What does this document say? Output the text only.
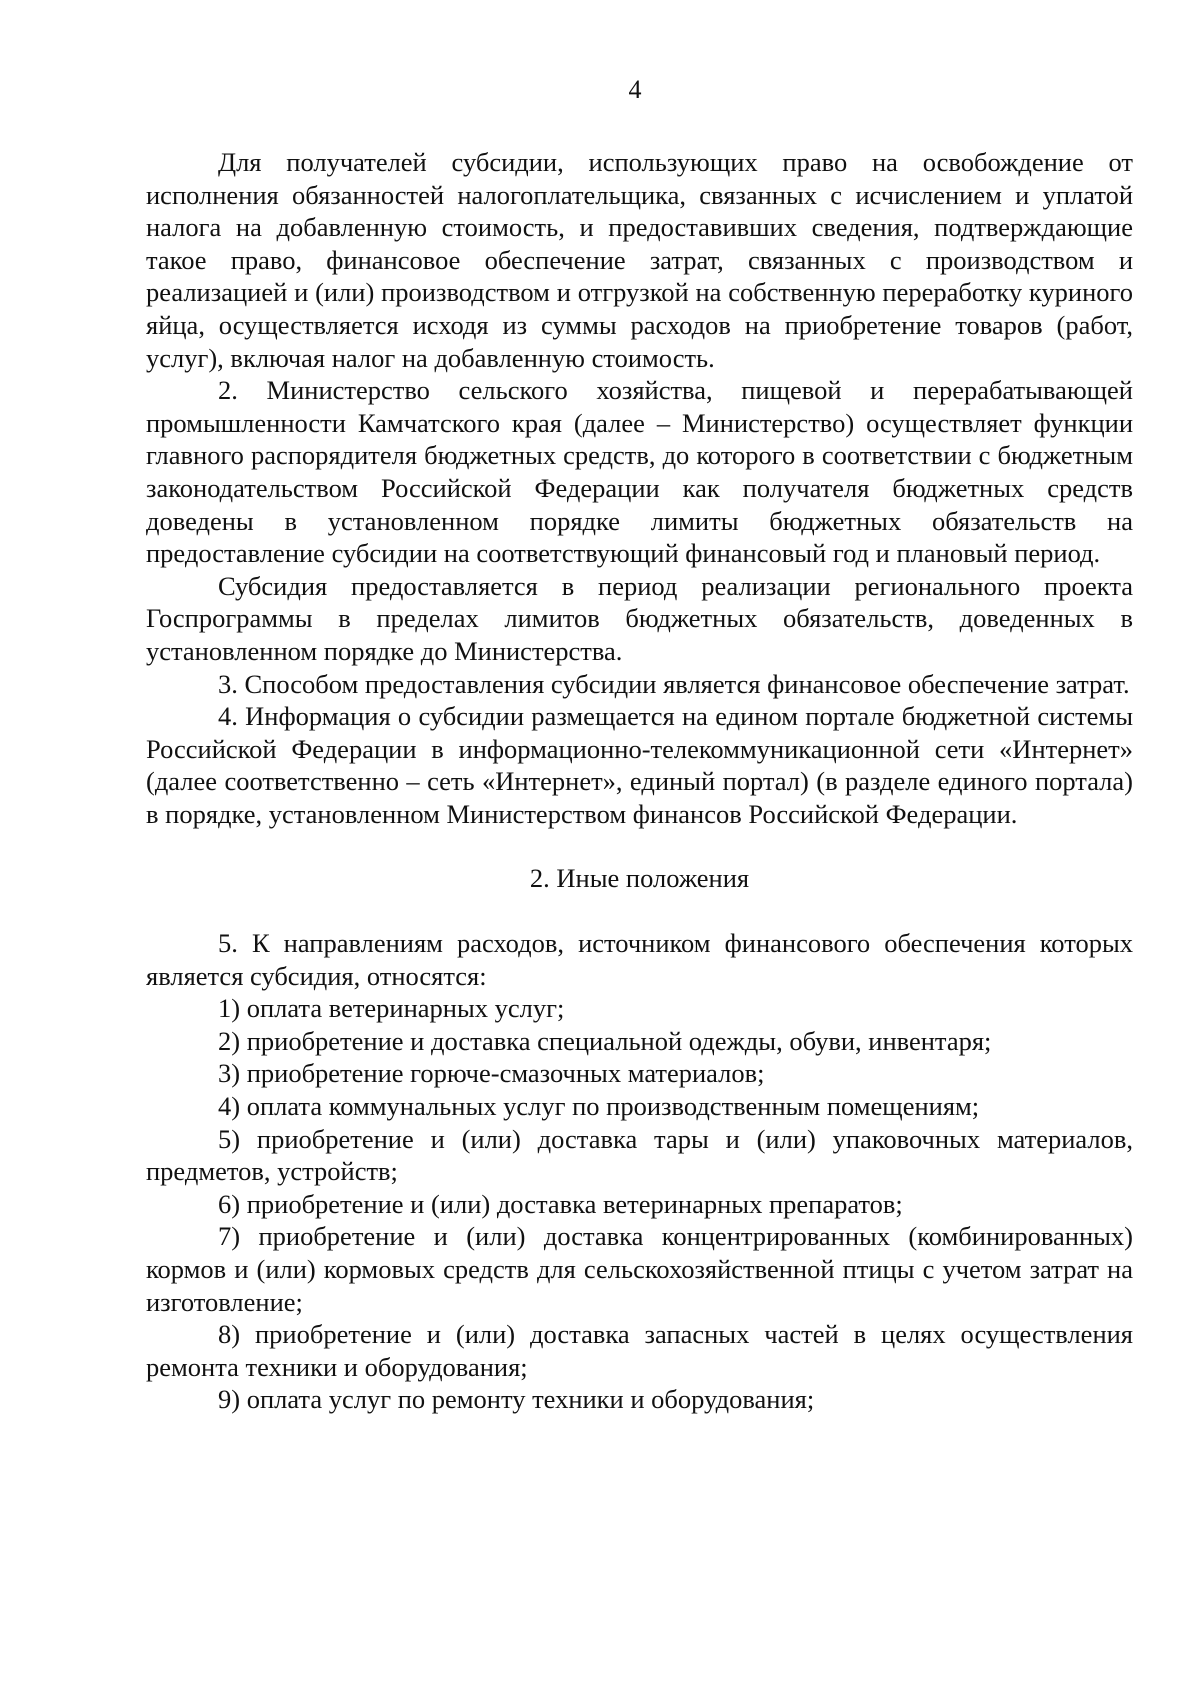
4

Для получателей субсидии, использующих право на освобождение от исполнения обязанностей налогоплательщика, связанных с исчислением и уплатой налога на добавленную стоимость, и предоставивших сведения, подтверждающие такое право, финансовое обеспечение затрат, связанных с производством и реализацией и (или) производством и отгрузкой на собственную переработку куриного яйца, осуществляется исходя из суммы расходов на приобретение товаров (работ, услуг), включая налог на добавленную стоимость.

2. Министерство сельского хозяйства, пищевой и перерабатывающей промышленности Камчатского края (далее – Министерство) осуществляет функции главного распорядителя бюджетных средств, до которого в соответствии с бюджетным законодательством Российской Федерации как получателя бюджетных средств доведены в установленном порядке лимиты бюджетных обязательств на предоставление субсидии на соответствующий финансовый год и плановый период.

Субсидия предоставляется в период реализации регионального проекта Госпрограммы в пределах лимитов бюджетных обязательств, доведенных в установленном порядке до Министерства.

3. Способом предоставления субсидии является финансовое обеспечение затрат.

4. Информация о субсидии размещается на едином портале бюджетной системы Российской Федерации в информационно-телекоммуникационной сети «Интернет» (далее соответственно – сеть «Интернет», единый портал) (в разделе единого портала) в порядке, установленном Министерством финансов Российской Федерации.

2. Иные положения

5. К направлениям расходов, источником финансового обеспечения которых является субсидия, относятся:

1) оплата ветеринарных услуг;

2) приобретение и доставка специальной одежды, обуви, инвентаря;

3) приобретение горюче-смазочных материалов;

4) оплата коммунальных услуг по производственным помещениям;

5) приобретение и (или) доставка тары и (или) упаковочных материалов, предметов, устройств;

6) приобретение и (или) доставка ветеринарных препаратов;

7) приобретение и (или) доставка концентрированных (комбинированных) кормов и (или) кормовых средств для сельскохозяйственной птицы с учетом затрат на изготовление;

8) приобретение и (или) доставка запасных частей в целях осуществления ремонта техники и оборудования;

9) оплата услуг по ремонту техники и оборудования;
